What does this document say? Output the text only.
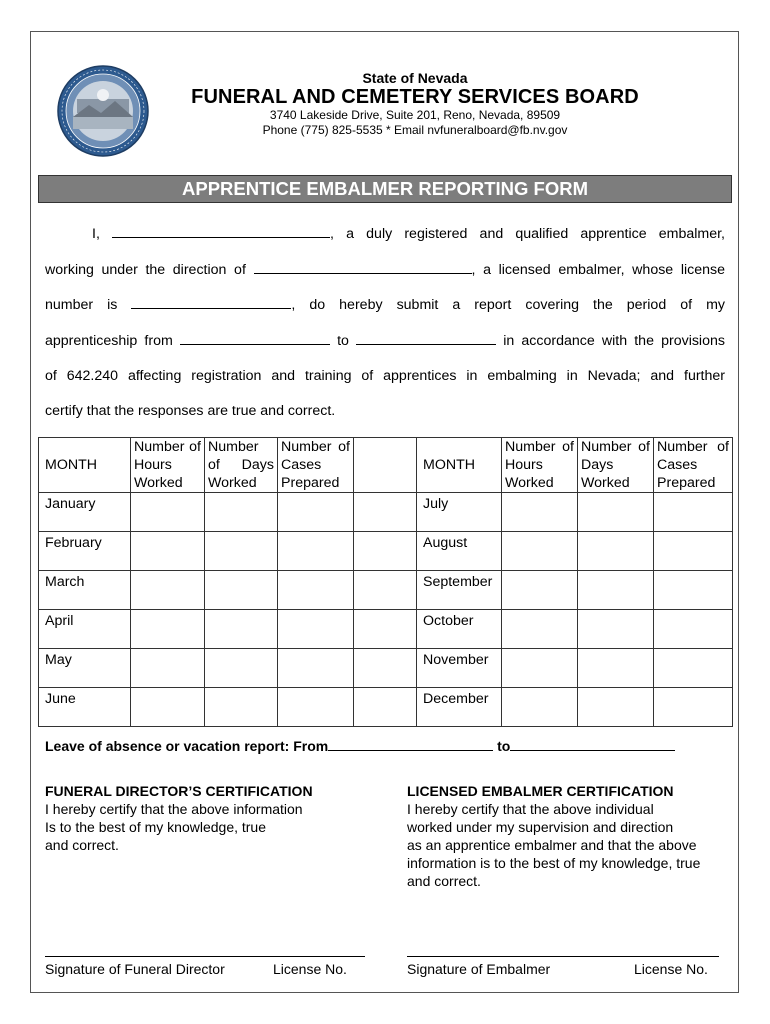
State of Nevada
FUNERAL AND CEMETERY SERVICES BOARD
3740 Lakeside Drive, Suite 201, Reno, Nevada, 89509
Phone (775) 825-5535 * Email nvfuneralboard@fb.nv.gov
APPRENTICE EMBALMER REPORTING FORM
I,	, a duly registered and qualified apprentice embalmer,
working under the direction of	, a licensed embalmer, whose license
number is	, do hereby submit a report covering the period of my
apprenticeship from	to	in accordance with the provisions
of 642.240 affecting registration and training of apprentices in embalming in Nevada; and further
certify that the responses are true and correct.
MONTH	Number of Hours Worked	Number of Days Worked	Number of Cases Prepared		MONTH	Number of Hours Worked	Number of Days Worked	Number of Cases Prepared
January					July			
February					August			
March					September			
April					October			
May					November			
June					December			
Leave of absence or vacation report: From	to
FUNERAL DIRECTOR’S CERTIFICATION
I hereby certify that the above information
Is to the best of my knowledge, true
and correct.
LICENSED EMBALMER CERTIFICATION
I hereby certify that the above individual
worked under my supervision and direction
as an apprentice embalmer and that the above
information is to the best of my knowledge, true
and correct.
Signature of Funeral Director	License No.	Signature of Embalmer	License No.
